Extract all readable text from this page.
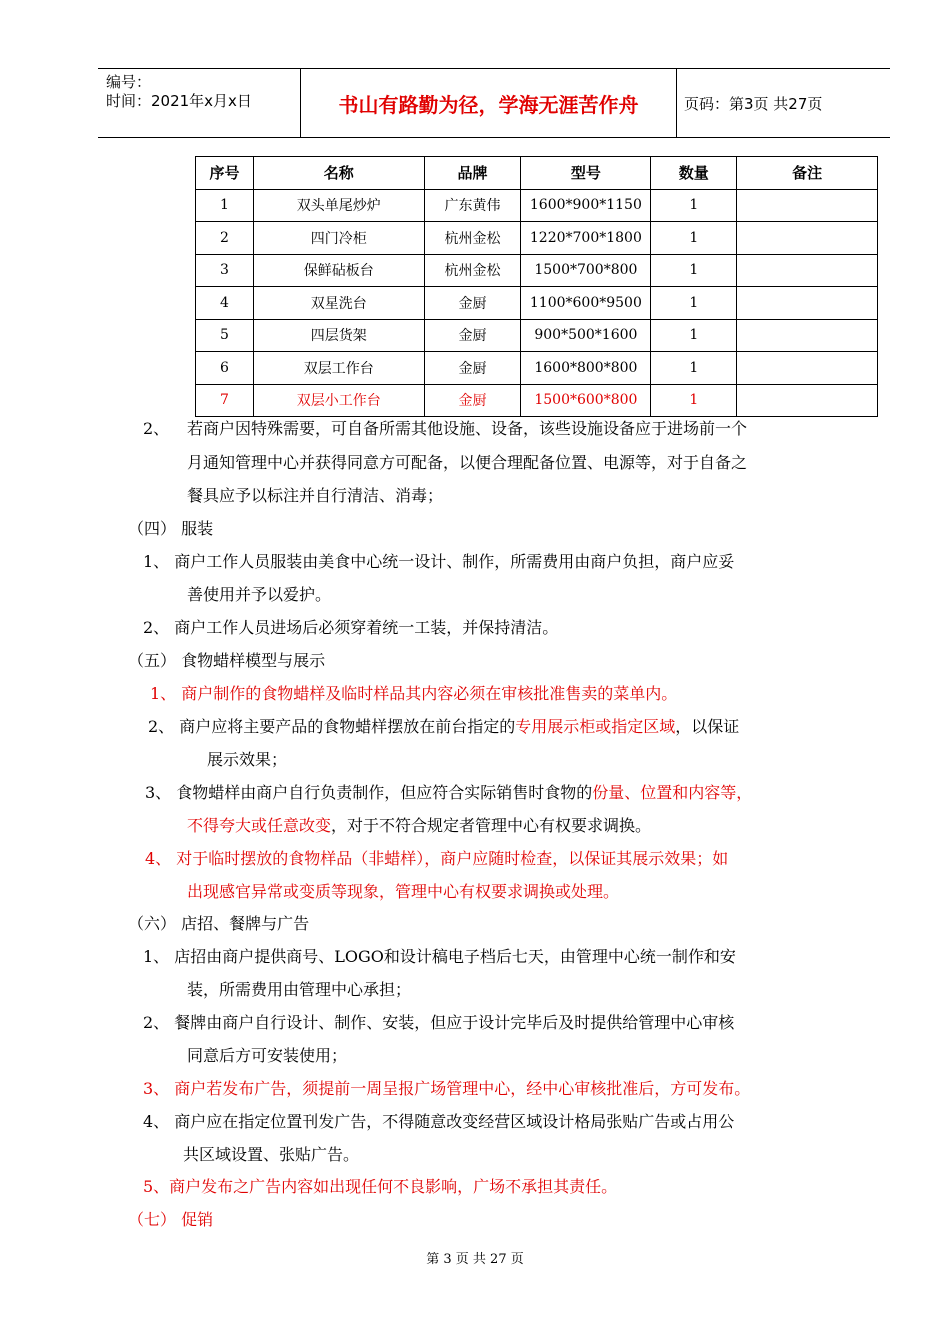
编号：
时间：2021年x月x日	书山有路勤为径，学海无涯苦作舟	页码：第3页 共27页
序号	名称	品牌	型号	数量	备注
1	双头单尾炒炉	广东黄伟	1600*900*1150	1	
2	四门冷柜	杭州金松	1220*700*1800	1	
3	保鲜砧板台	杭州金松	1500*700*800	1	
4	双星洗台	金厨	1100*600*9500	1	
5	四层货架	金厨	900*500*1600	1	
6	双层工作台	金厨	1600*800*800	1	
7	双层小工作台	金厨	1500*600*800	1	
2、 若商户因特殊需要，可自备所需其他设施、设备，该些设施设备应于进场前一个
月通知管理中心并获得同意方可配备，以便合理配备位置、电源等，对于自备之
餐具应予以标注并自行清洁、消毒；
（四） 服装
1、 商户工作人员服装由美食中心统一设计、制作，所需费用由商户负担，商户应妥
善使用并予以爱护。
2、 商户工作人员进场后必须穿着统一工装，并保持清洁。
（五） 食物蜡样模型与展示
1、 商户制作的食物蜡样及临时样品其内容必须在审核批准售卖的菜单内。
2、 商户应将主要产品的食物蜡样摆放在前台指定的专用展示柜或指定区域，以保证
展示效果；
3、 食物蜡样由商户自行负责制作，但应符合实际销售时食物的份量、位置和内容等，
不得夸大或任意改变，对于不符合规定者管理中心有权要求调换。
4、 对于临时摆放的食物样品（非蜡样），商户应随时检查，以保证其展示效果；如
出现感官异常或变质等现象，管理中心有权要求调换或处理。
（六） 店招、餐牌与广告
1、 店招由商户提供商号、LOGO和设计稿电子档后七天，由管理中心统一制作和安
装，所需费用由管理中心承担；
2、 餐牌由商户自行设计、制作、安装，但应于设计完毕后及时提供给管理中心审核
同意后方可安装使用；
3、 商户若发布广告，须提前一周呈报广场管理中心，经中心审核批准后，方可发布。
4、 商户应在指定位置刊发广告，不得随意改变经营区域设计格局张贴广告或占用公
共区域设置、张贴广告。
5、商户发布之广告内容如出现任何不良影响，广场不承担其责任。
（七） 促销
第 3 页 共 27 页
